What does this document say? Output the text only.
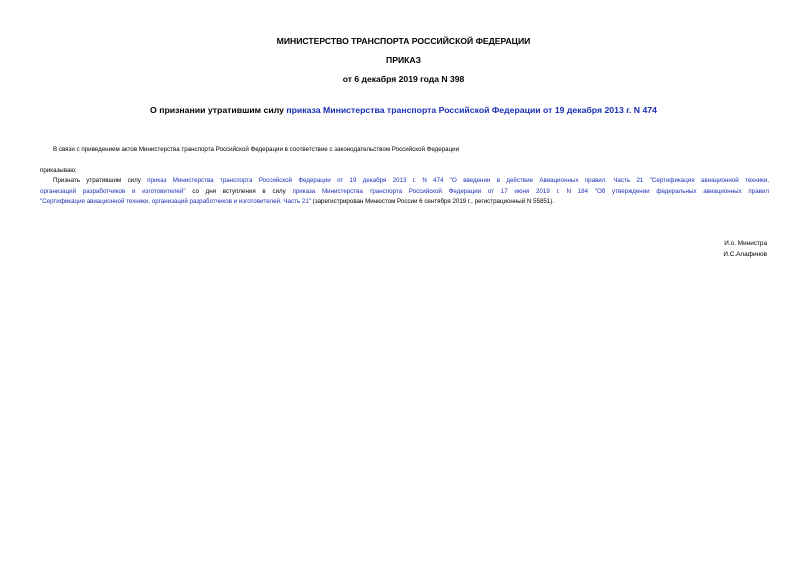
МИНИСТЕРСТВО ТРАНСПОРТА РОССИЙСКОЙ ФЕДЕРАЦИИ
ПРИКАЗ
от 6 декабря 2019 года N 398
О признании утратившим силу приказа Министерства транспорта Российской Федерации от 19 декабря 2013 г. N 474
В связи с приведением актов Министерства транспорта Российской Федерации в соответствие с законодательством Российской Федерации
приказываю:
Признать утратившим силу приказ Министерства транспорта Российской Федерации от 19 декабря 2013 г. N 474 "О введении в действие Авиационных правил. Часть 21 "Сертификация авиационной техники,
организаций разработчиков и изготовителей" со дня вступления в силу приказа Министерства транспорта Российской Федерации от 17 июня 2019 г. N 184 "Об утверждении федеральных авиационных правил
"Сертификация авиационной техники, организаций разработчиков и изготовителей. Часть 21" (зарегистрирован Минюстом России 6 сентября 2019 г., регистрационный N 55851).
И.о. Министра
И.С.Алафинов
